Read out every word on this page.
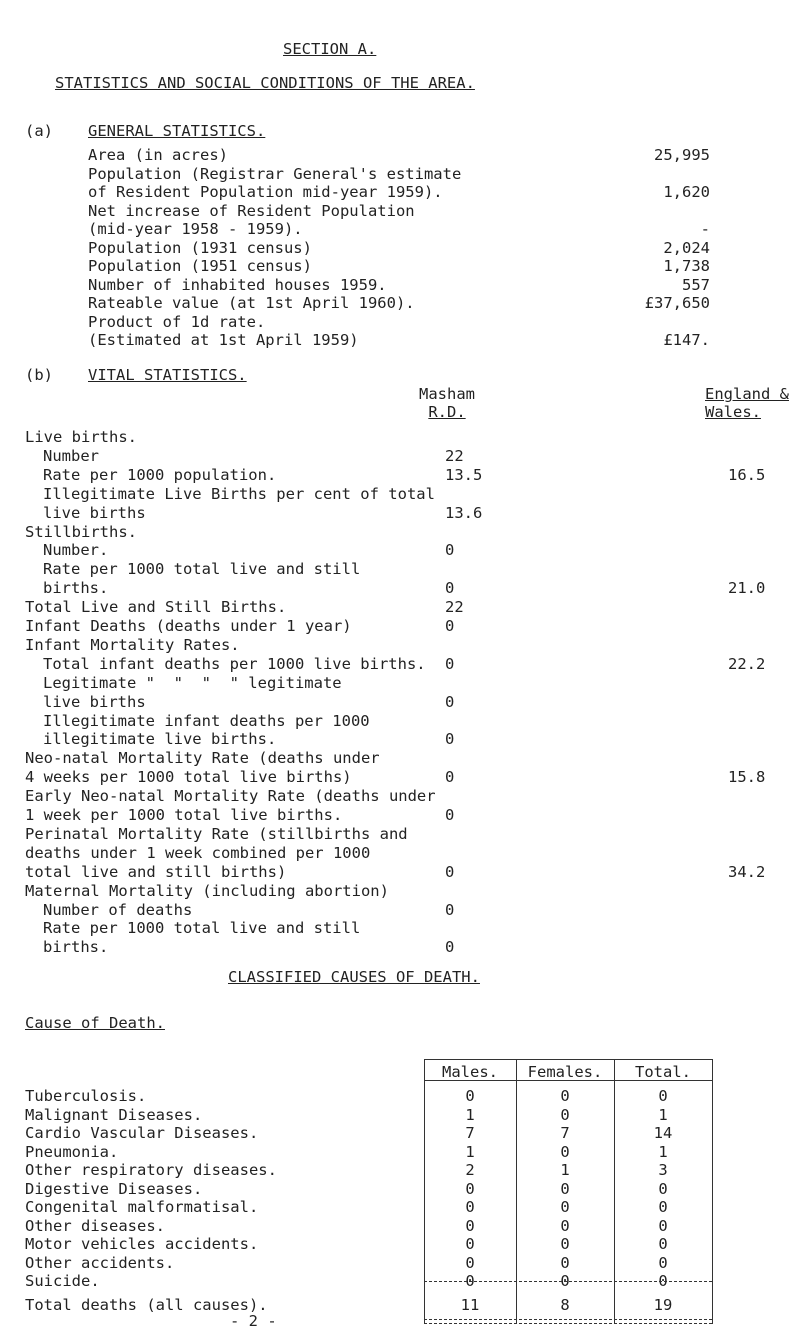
SECTION A.
STATISTICS AND SOCIAL CONDITIONS OF THE AREA.
(a) GENERAL STATISTICS.
Area (in acres)	25,995
Population (Registrar General's estimate
of Resident Population mid-year 1959).	1,620
Net increase of Resident Population
(mid-year 1958 - 1959).	-
Population (1931 census)	2,024
Population (1951 census)	1,738
Number of inhabited houses 1959.	557
Rateable value (at 1st April 1960).	£37,650
Product of 1d rate.
(Estimated at 1st April 1959)	£147.
(b) VITAL STATISTICS.
Masham
R.D.
England &
Wales.
Live births.
Number	22
Rate per 1000 population.	13.5	16.5
Illegitimate Live Births per cent of total
live births	13.6
Stillbirths.
Number.	0
Rate per 1000 total live and still
births.	0	21.0
Total Live and Still Births.	22
Infant Deaths (deaths under 1 year)	0
Infant Mortality Rates.
Total infant deaths per 1000 live births. 0	22.2
Legitimate "  "  "  " legitimate
live births	0
Illegitimate infant deaths per 1000
illegitimate live births.	0
Neo-natal Mortality Rate (deaths under
4 weeks per 1000 total live births)	0	15.8
Early Neo-natal Mortality Rate (deaths under
1 week per 1000 total live births.	0
Perinatal Mortality Rate (stillbirths and
deaths under 1 week combined per 1000
total live and still births)	0	34.2
Maternal Mortality (including abortion)
Number of deaths	0
Rate per 1000 total live and still
births.	0
CLASSIFIED CAUSES OF DEATH.
Cause of Death.
Males.	Females.	Total.
Tuberculosis.	0	0	0
Malignant Diseases.	1	0	1
Cardio Vascular Diseases.	7	7	14
Pneumonia.	1	0	1
Other respiratory diseases.	2	1	3
Digestive Diseases.	0	0	0
Congenital malformatisal.	0	0	0
Other diseases.	0	0	0
Motor vehicles accidents.	0	0	0
Other accidents.	0	0	0
Suicide.	0	0	0
Total deaths (all causes).	11	8	19
- 2 -
